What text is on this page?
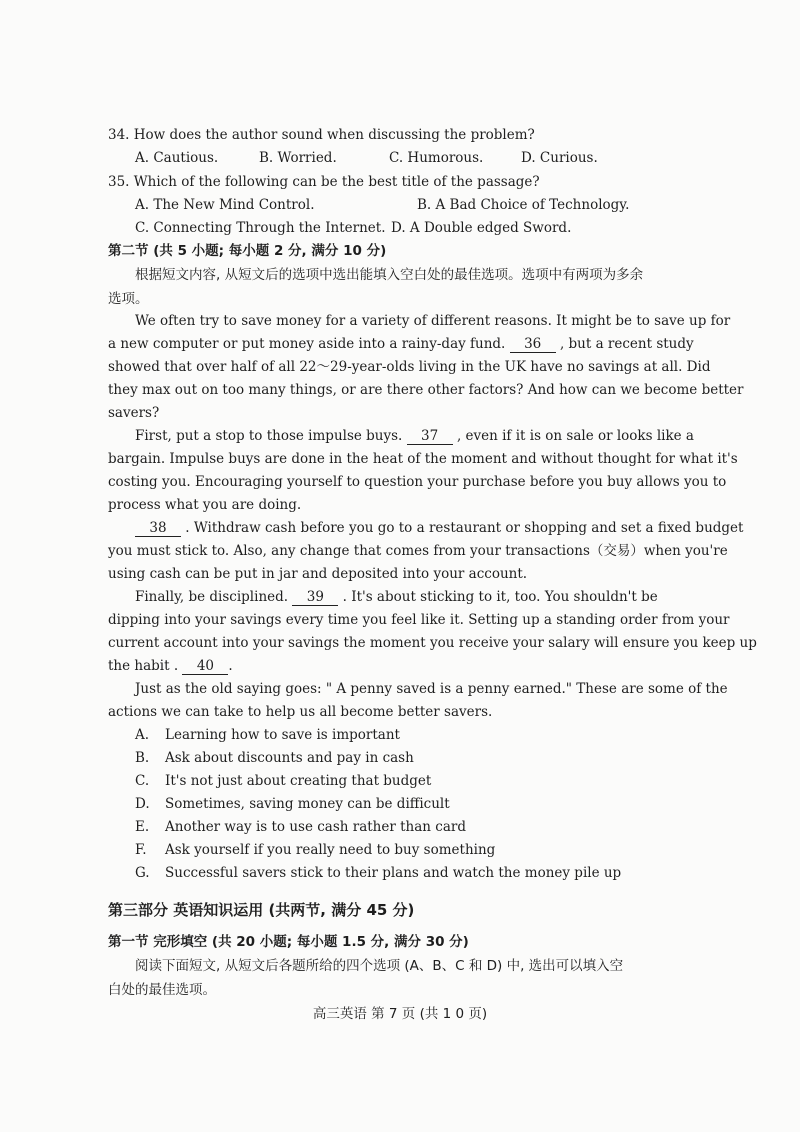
34. How does the author sound when discussing the problem?
A. Cautious.	B. Worried.	C. Humorous.	D. Curious.
35. Which of the following can be the best title of the passage?
A. The New Mind Control.	B. A Bad Choice of Technology.
C. Connecting Through the Internet. D. A Double edged Sword.
第二节 (共 5 小题; 每小题 2 分, 满分 10 分)
根据短文内容, 从短文后的选项中选出能填入空白处的最佳选项。选项中有两项为多余
选项。
We often try to save money for a variety of different reasons. It might be to save up for
a new computer or put money aside into a rainy-day fund. 36 , but a recent study
showed that over half of all 22～29-year-olds living in the UK have no savings at all. Did
they max out on too many things, or are there other factors? And how can we become better
savers?
First, put a stop to those impulse buys. 37 , even if it is on sale or looks like a
bargain. Impulse buys are done in the heat of the moment and without thought for what it's
costing you. Encouraging yourself to question your purchase before you buy allows you to
process what you are doing.
38 . Withdraw cash before you go to a restaurant or shopping and set a fixed budget
you must stick to. Also, any change that comes from your transactions（交易）when you're
using cash can be put in jar and deposited into your account.
Finally, be disciplined. 39 . It's about sticking to it, too. You shouldn't be
dipping into your savings every time you feel like it. Setting up a standing order from your
current account into your savings the moment you receive your salary will ensure you keep up
the habit . 40 .
Just as the old saying goes: " A penny saved is a penny earned." These are some of the
actions we can take to help us all become better savers.
A. Learning how to save is important
B. Ask about discounts and pay in cash
C. It's not just about creating that budget
D. Sometimes, saving money can be difficult
E. Another way is to use cash rather than card
F. Ask yourself if you really need to buy something
G. Successful savers stick to their plans and watch the money pile up
第三部分 英语知识运用 (共两节, 满分 45 分)
第一节 完形填空 (共 20 小题; 每小题 1.5 分, 满分 30 分)
阅读下面短文, 从短文后各题所给的四个选项 (A、B、C 和 D) 中, 选出可以填入空
白处的最佳选项。
高三英语 第 7 页 (共 1 0 页)
